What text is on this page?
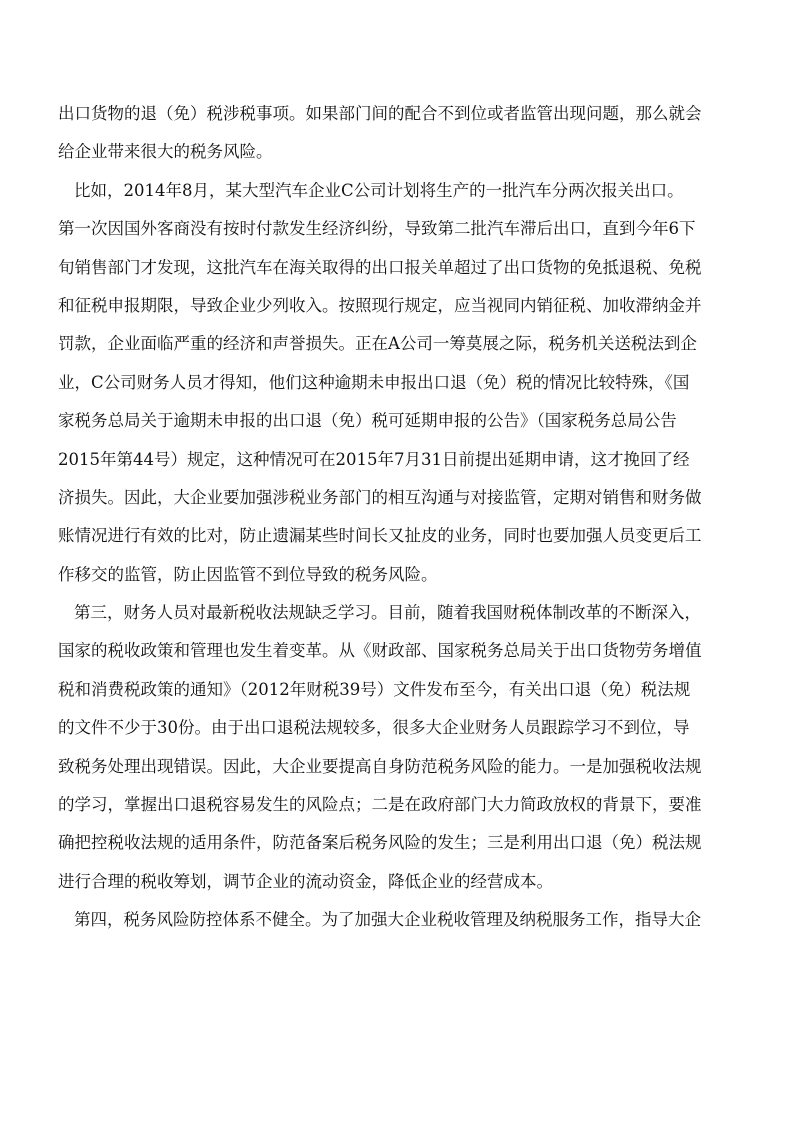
出口货物的退（免）税涉税事项。如果部门间的配合不到位或者监管出现问题，那么就会
给企业带来很大的税务风险。
比如，2014年8月，某大型汽车企业C公司计划将生产的一批汽车分两次报关出口。
第一次因国外客商没有按时付款发生经济纠纷，导致第二批汽车滞后出口，直到今年6下
旬销售部门才发现，这批汽车在海关取得的出口报关单超过了出口货物的免抵退税、免税
和征税申报期限，导致企业少列收入。按照现行规定，应当视同内销征税、加收滞纳金并
罚款，企业面临严重的经济和声誉损失。正在A公司一筹莫展之际，税务机关送税法到企
业，C公司财务人员才得知，他们这种逾期未申报出口退（免）税的情况比较特殊，《国
家税务总局关于逾期未申报的出口退（免）税可延期申报的公告》（国家税务总局公告
2015年第44号）规定，这种情况可在2015年7月31日前提出延期申请，这才挽回了经
济损失。因此，大企业要加强涉税业务部门的相互沟通与对接监管，定期对销售和财务做
账情况进行有效的比对，防止遗漏某些时间长又扯皮的业务，同时也要加强人员变更后工
作移交的监管，防止因监管不到位导致的税务风险。
第三，财务人员对最新税收法规缺乏学习。目前，随着我国财税体制改革的不断深入，
国家的税收政策和管理也发生着变革。从《财政部、国家税务总局关于出口货物劳务增值
税和消费税政策的通知》（2012年财税39号）文件发布至今，有关出口退（免）税法规
的文件不少于30份。由于出口退税法规较多，很多大企业财务人员跟踪学习不到位，导
致税务处理出现错误。因此，大企业要提高自身防范税务风险的能力。一是加强税收法规
的学习，掌握出口退税容易发生的风险点；二是在政府部门大力简政放权的背景下，要准
确把控税收法规的适用条件，防范备案后税务风险的发生；三是利用出口退（免）税法规
进行合理的税收筹划，调节企业的流动资金，降低企业的经营成本。
第四，税务风险防控体系不健全。为了加强大企业税收管理及纳税服务工作，指导大企
